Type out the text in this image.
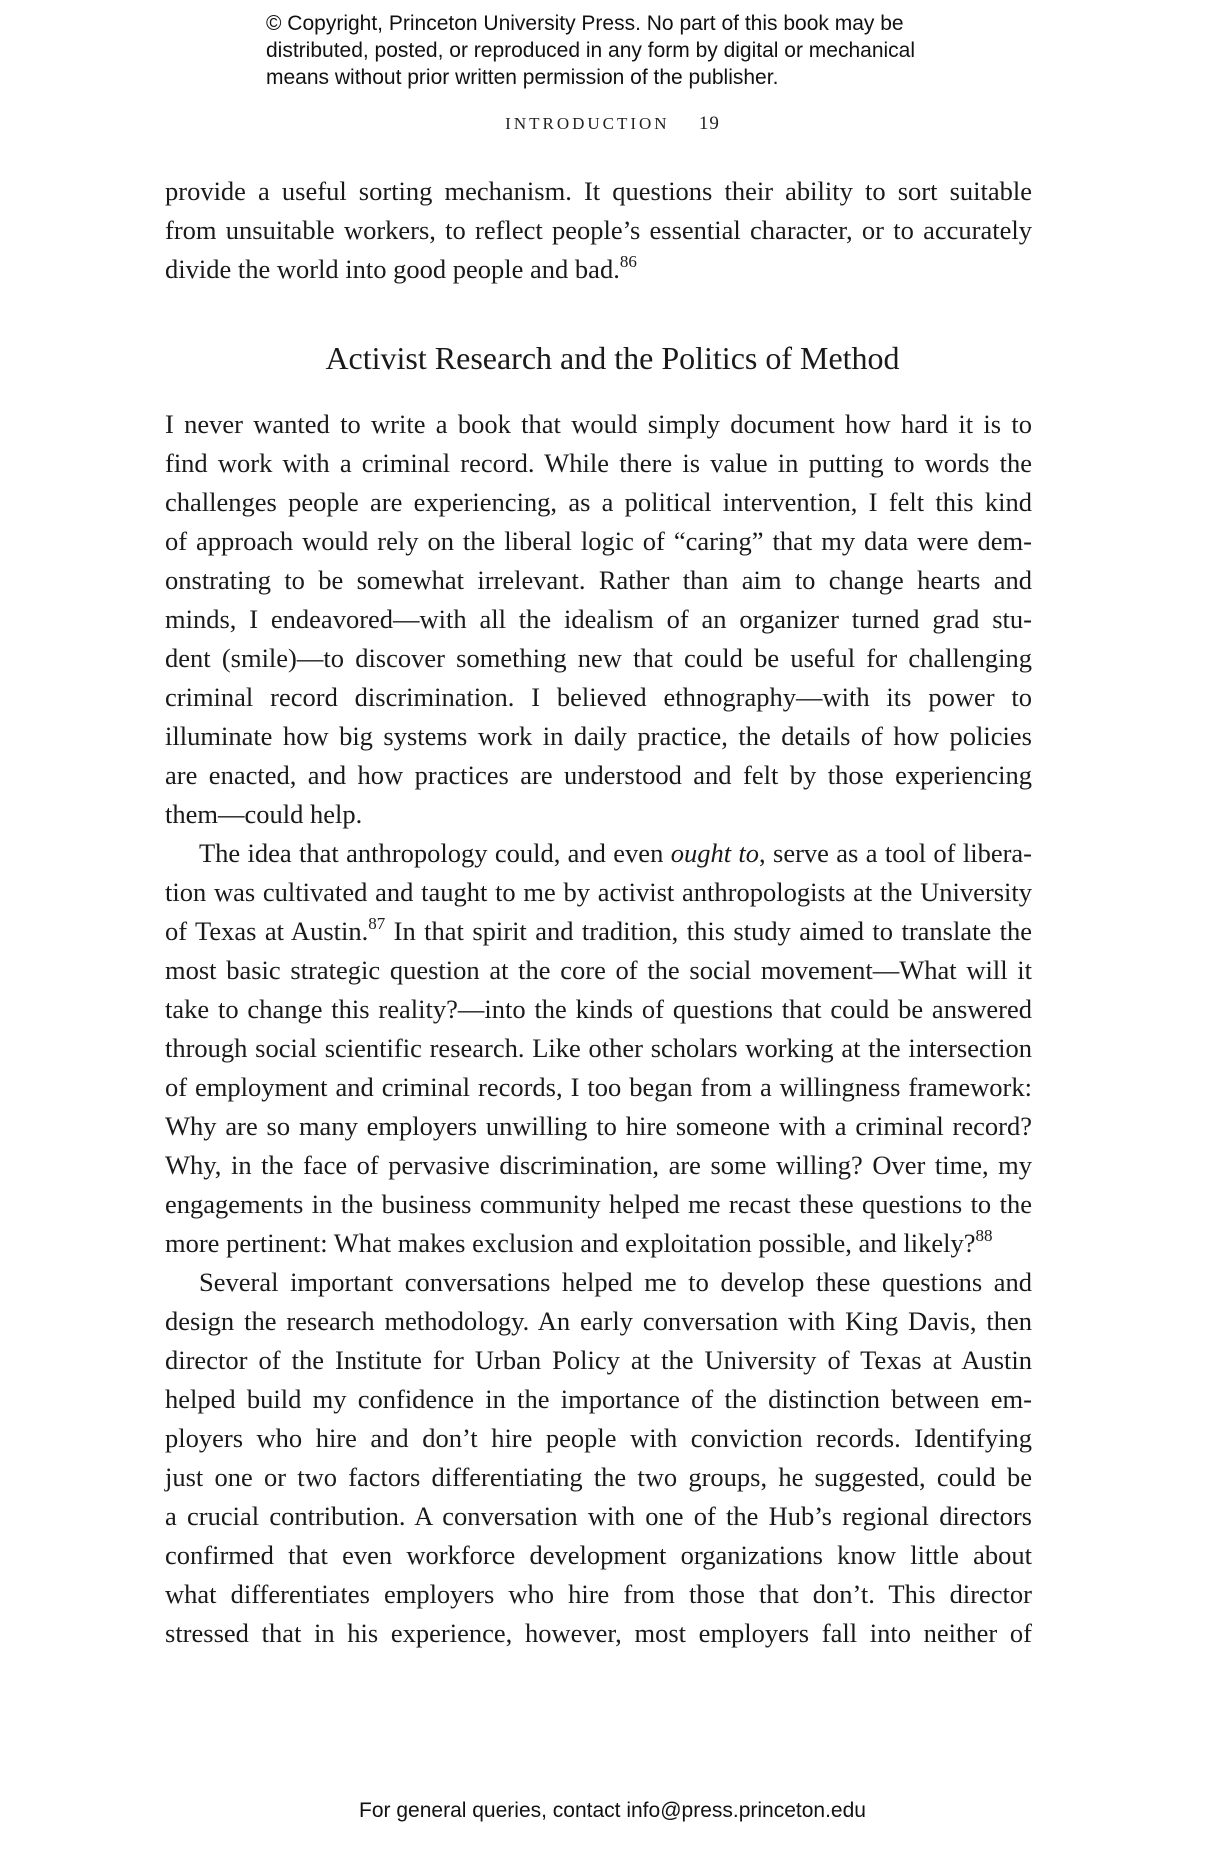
© Copyright, Princeton University Press. No part of this book may be
distributed, posted, or reproduced in any form by digital or mechanical
means without prior written permission of the publisher.
INTRODUCTION 19
provide a useful sorting mechanism. It questions their ability to sort suitable
from unsuitable workers, to reflect people’s essential character, or to accurately
divide the world into good people and bad.$^{86}$
Activist Research and the Politics of Method
I never wanted to write a book that would simply document how hard it is to
find work with a criminal record. While there is value in putting to words the
challenges people are experiencing, as a political intervention, I felt this kind
of approach would rely on the liberal logic of “caring” that my data were dem-
onstrating to be somewhat irrelevant. Rather than aim to change hearts and
minds, I endeavored—with all the idealism of an organizer turned grad stu-
dent (smile)—to discover something new that could be useful for challenging
criminal record discrimination. I believed ethnography—with its power to
illuminate how big systems work in daily practice, the details of how policies
are enacted, and how practices are understood and felt by those experiencing
them—could help.
The idea that anthropology could, and even ought to, serve as a tool of libera-
tion was cultivated and taught to me by activist anthropologists at the University
of Texas at Austin.$^{87}$ In that spirit and tradition, this study aimed to translate the
most basic strategic question at the core of the social movement—What will it
take to change this reality?—into the kinds of questions that could be answered
through social scientific research. Like other scholars working at the intersection
of employment and criminal records, I too began from a willingness framework:
Why are so many employers unwilling to hire someone with a criminal record?
Why, in the face of pervasive discrimination, are some willing? Over time, my
engagements in the business community helped me recast these questions to the
more pertinent: What makes exclusion and exploitation possible, and likely?$^{88}$
Several important conversations helped me to develop these questions and
design the research methodology. An early conversation with King Davis, then
director of the Institute for Urban Policy at the University of Texas at Austin
helped build my confidence in the importance of the distinction between em-
ployers who hire and don’t hire people with conviction records. Identifying
just one or two factors differentiating the two groups, he suggested, could be
a crucial contribution. A conversation with one of the Hub’s regional directors
confirmed that even workforce development organizations know little about
what differentiates employers who hire from those that don’t. This director
stressed that in his experience, however, most employers fall into neither of
For general queries, contact info@press.princeton.edu
